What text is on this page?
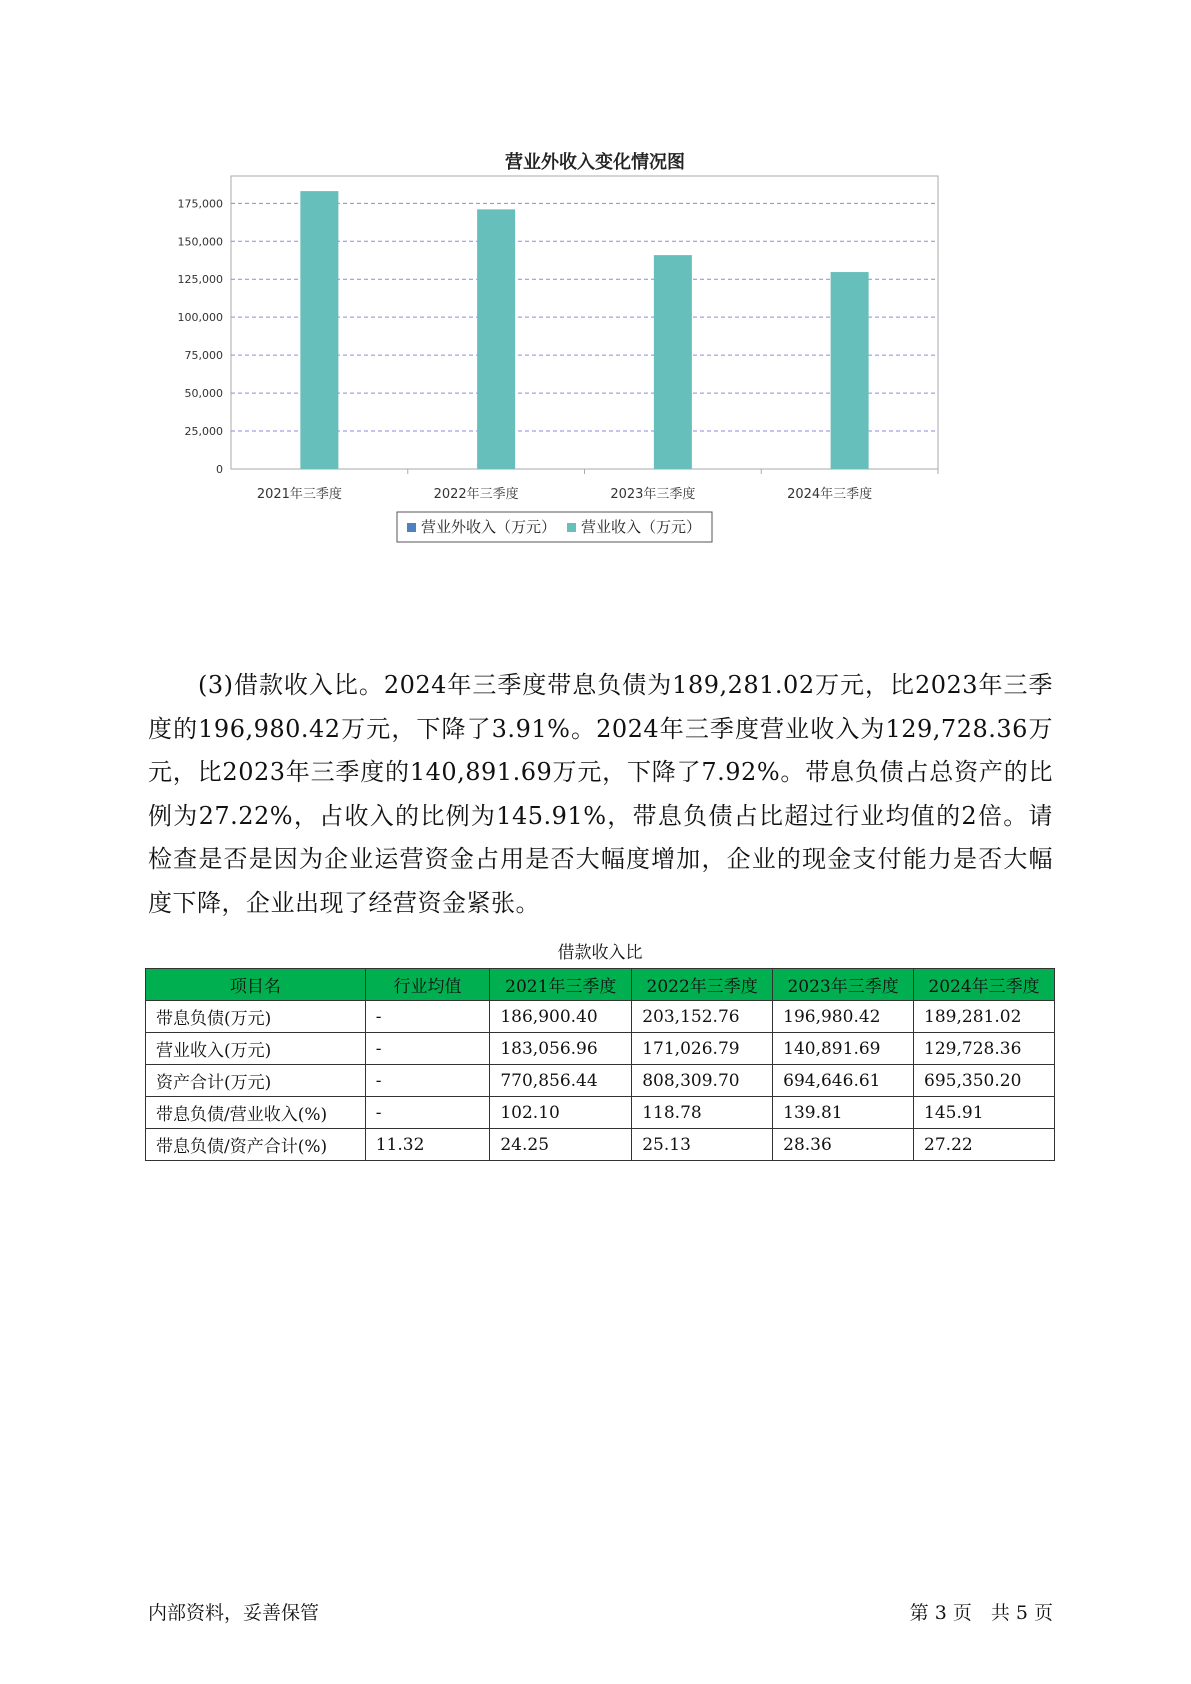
0
25,000
50,000
75,000
100,000
125,000
150,000
175,000
2021年三季度	2022年三季度	2023年三季度	2024年三季度
营业外收入（万元） 营业收入（万元）
营业外收入变化情况图

(3)借款收入比。2024年三季度带息负债为189,281.02万元，比2023年三季度的196,980.42万元，下降了3.91%。2024年三季度营业收入为129,728.36万元，比2023年三季度的140,891.69万元，下降了7.92%。带息负债占总资产的比例为27.22%，占收入的比例为145.91%，带息负债占比超过行业均值的2倍。请检查是否是因为企业运营资金占用是否大幅度增加，企业的现金支付能力是否大幅度下降，企业出现了经营资金紧张。

借款收入比
项目名	行业均值	2021年三季度	2022年三季度	2023年三季度	2024年三季度
带息负债(万元)	-	186,900.40	203,152.76	196,980.42	189,281.02
营业收入(万元)	-	183,056.96	171,026.79	140,891.69	129,728.36
资产合计(万元)	-	770,856.44	808,309.70	694,646.61	695,350.20
带息负债/营业收入(%)	-	102.10	118.78	139.81	145.91
带息负债/资产合计(%)	11.32	24.25	25.13	28.36	27.22
内部资料，妥善保管	第 3 页　共 5 页
